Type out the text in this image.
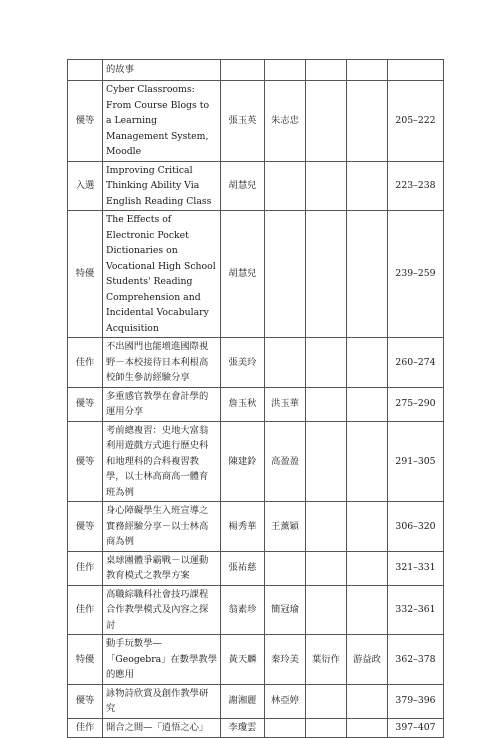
	的故事					
優等	Cyber Classrooms: From Course Blogs to a Learning Management System, Moodle	張玉英	朱志忠			205–222
入選	Improving Critical Thinking Ability Via English Reading Class	胡慧兒				223–238
特優	The Effects of Electronic Pocket Dictionaries on Vocational High School Students' Reading Comprehension and Incidental Vocabulary Acquisition	胡慧兒				239–259
佳作	不出國門也能增進國際視野－本校接待日本利根高校師生參訪經驗分享	張美玲				260–274
優等	多重感官教學在會計學的運用分享	詹玉秋	洪玉華			275–290
優等	考前總複習：史地大富翁利用遊戲方式進行歷史科和地理科的合科複習教學，以士林高商高一體育班為例	陳建鈴	高盈盈			291–305
優等	身心障礙學生入班宣導之實務經驗分享－以士林高商為例	楊秀華	王薰穎			306–320
佳作	桌球團體爭霸戰－以運動教育模式之教學方案	張祐慈				321–331
佳作	高職綜職科社會技巧課程合作教學模式及內容之探討	翁素珍	簡冠瑜			332–361
特優	動手玩數學—「Geogebra」在數學教學的應用	黃天麟	秦玲美	葉衍作	游益政	362–378
優等	詠物詩欣賞及創作教學研究	謝湘麗	林亞婷			379–396
佳作	開合之間—「逍悟之心」	李瓊雲				397–407
